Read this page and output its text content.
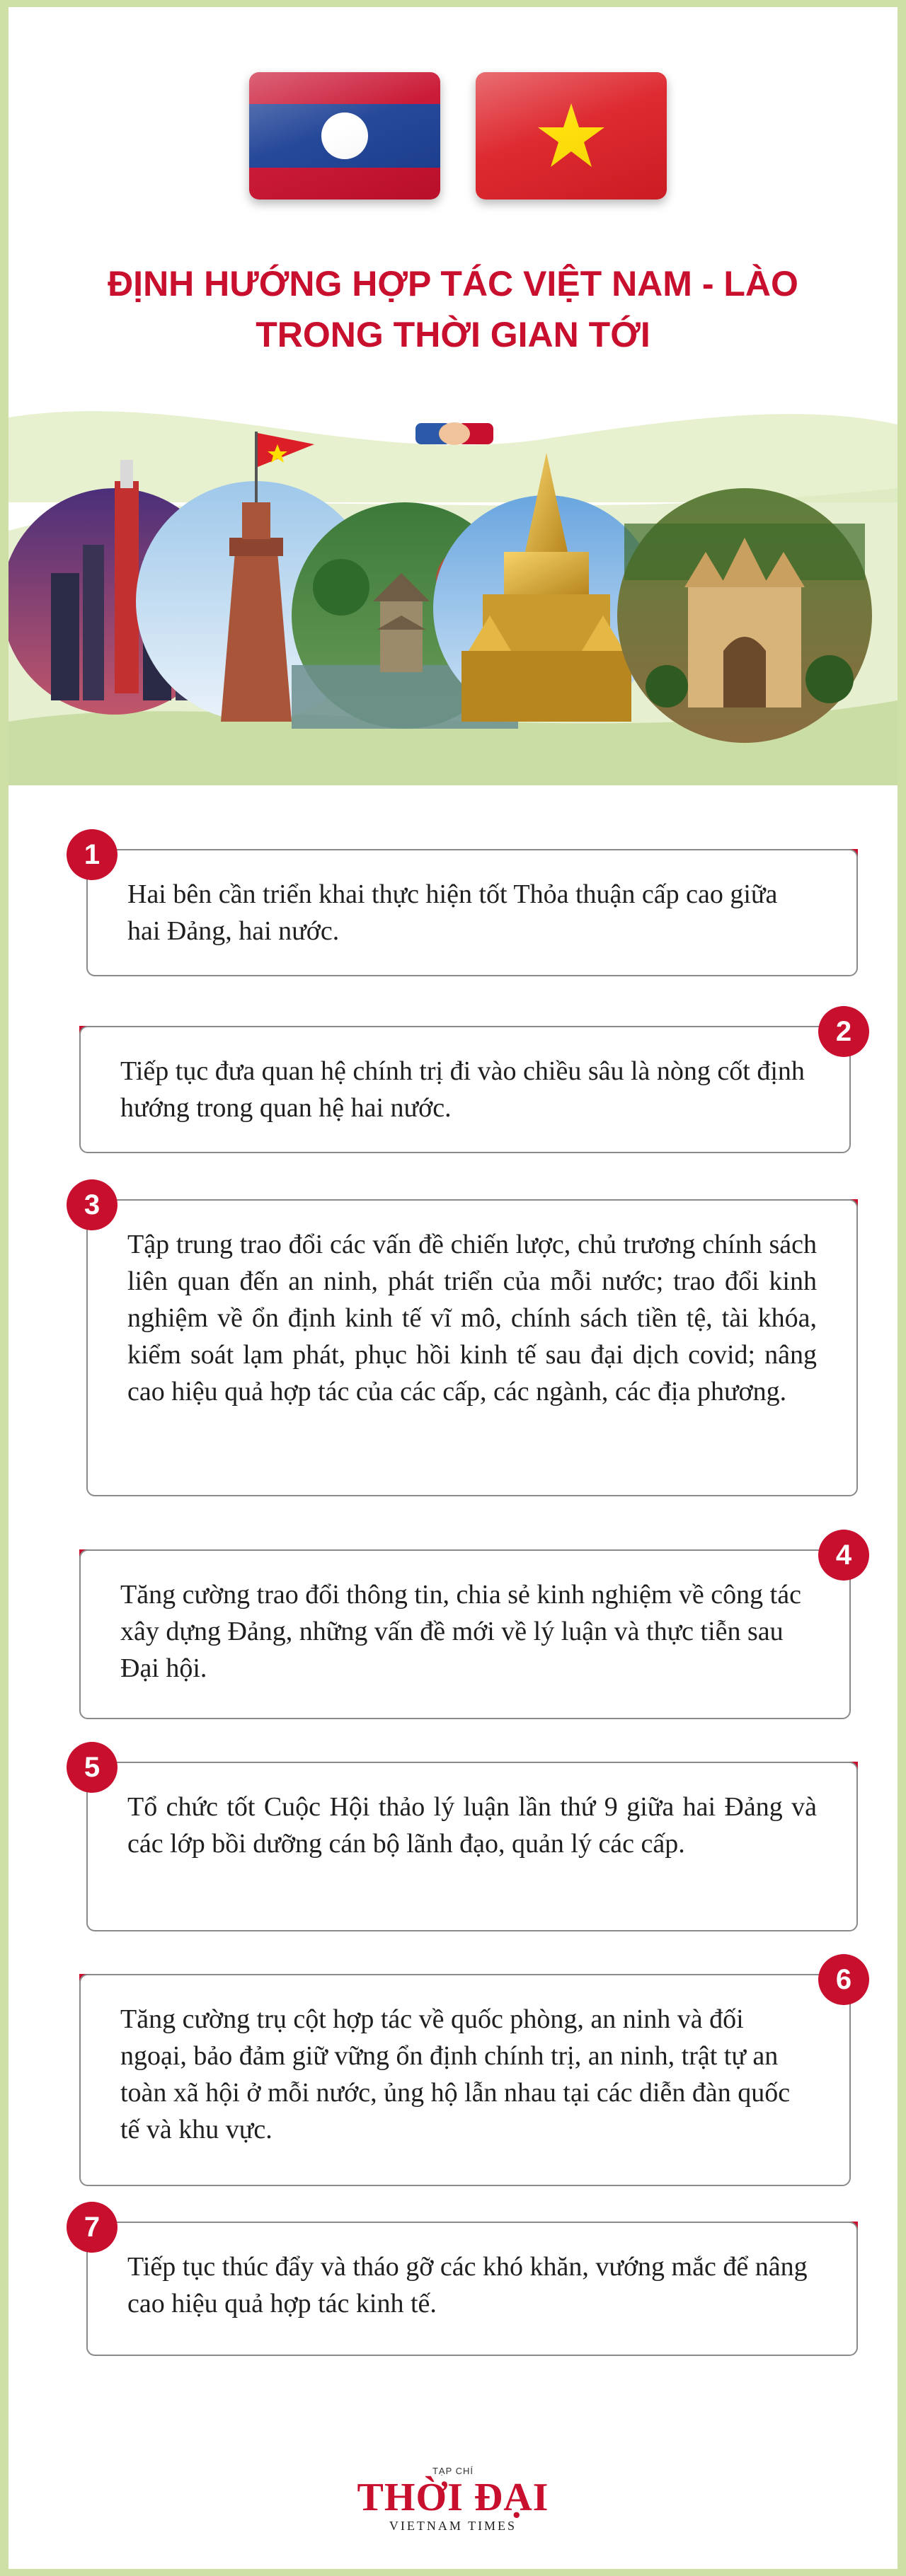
ĐỊNH HƯỚNG HỢP TÁC VIỆT NAM - LÀO
TRONG THỜI GIAN TỚI
1
Hai bên cần triển khai thực hiện tốt Thỏa thuận cấp cao giữa hai Đảng, hai nước.
2
Tiếp tục đưa quan hệ chính trị đi vào chiều sâu là nòng cốt định hướng trong quan hệ hai nước.
3
Tập trung trao đổi các vấn đề chiến lược, chủ trương chính sách liên quan đến an ninh, phát triển của mỗi nước; trao đổi kinh nghiệm về ổn định kinh tế vĩ mô, chính sách tiền tệ, tài khóa, kiểm soát lạm phát, phục hồi kinh tế sau đại dịch covid; nâng cao hiệu quả hợp tác của các cấp, các ngành, các địa phương.
4
Tăng cường trao đổi thông tin, chia sẻ kinh nghiệm về công tác xây dựng Đảng, những vấn đề mới về lý luận và thực tiễn sau Đại hội.
5
Tổ chức tốt Cuộc Hội thảo lý luận lần thứ 9 giữa hai Đảng và các lớp bồi dưỡng cán bộ lãnh đạo, quản lý các cấp.
6
Tăng cường trụ cột hợp tác về quốc phòng, an ninh và đối ngoại, bảo đảm giữ vững ổn định chính trị, an ninh, trật tự an toàn xã hội ở mỗi nước, ủng hộ lẫn nhau tại các diễn đàn quốc tế và khu vực.
7
Tiếp tục thúc đẩy và tháo gỡ các khó khăn, vướng mắc để nâng cao hiệu quả hợp tác kinh tế.
TẠP CHÍ
THỜI ĐẠI
VIETNAM TIMES
